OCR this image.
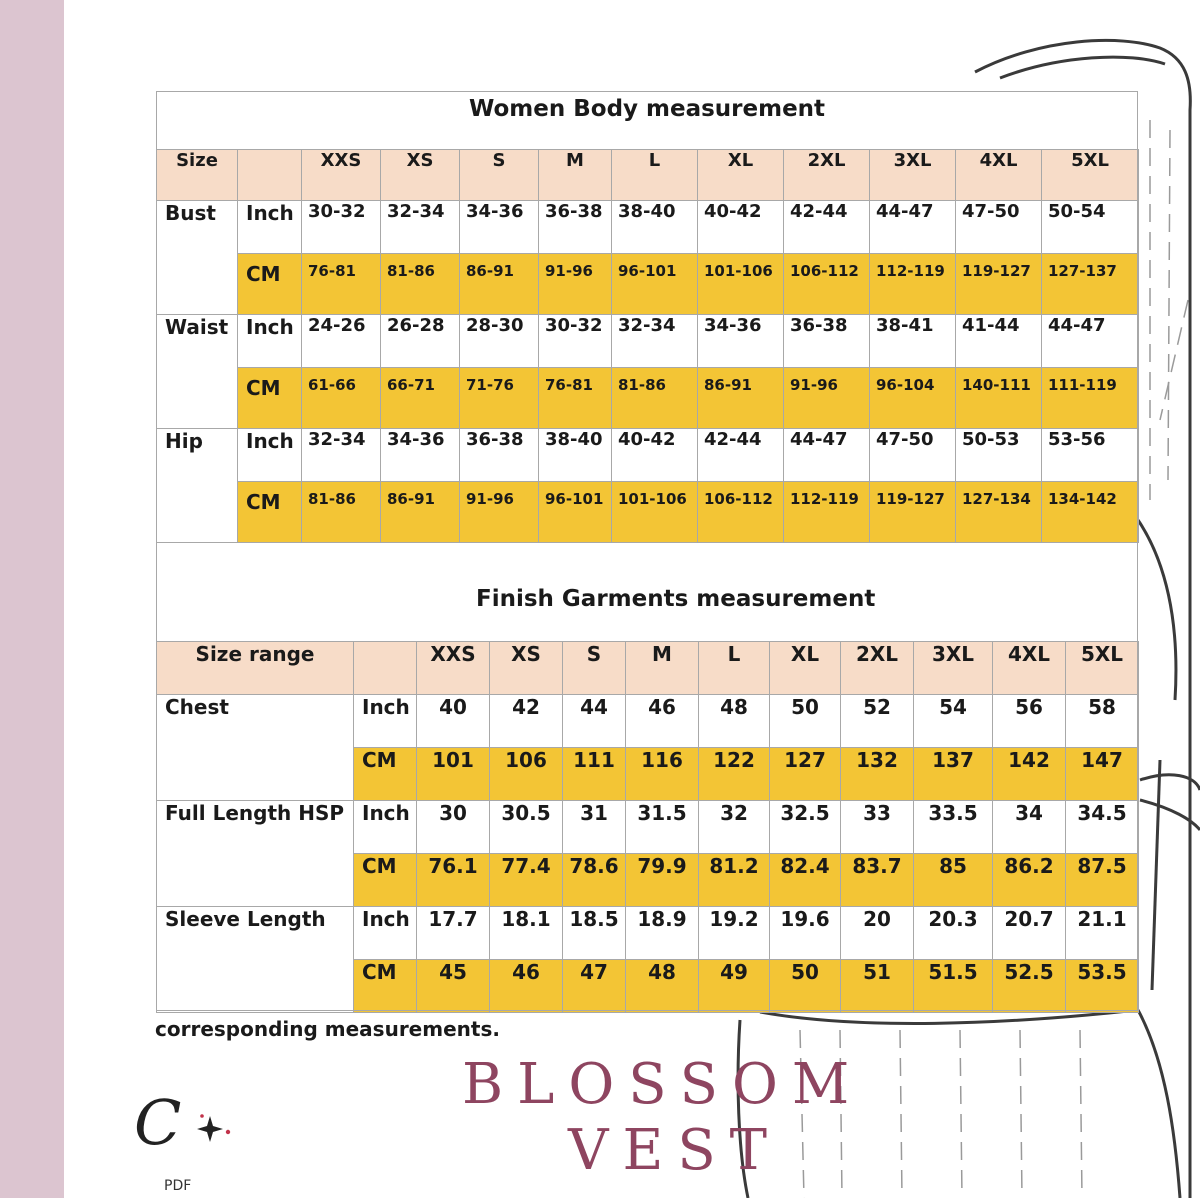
Women Body measurement
Size		XXS	XS	S	M	L	XL	2XL	3XL	4XL	5XL
Bust	Inch	30-32	32-34	34-36	36-38	38-40	40-42	42-44	44-47	47-50	50-54
	CM	76-81	81-86	86-91	91-96	96-101	101-106	106-112	112-119	119-127	127-137
Waist	Inch	24-26	26-28	28-30	30-32	32-34	34-36	36-38	38-41	41-44	44-47
	CM	61-66	66-71	71-76	76-81	81-86	86-91	91-96	96-104	140-111	111-119
Hip	Inch	32-34	34-36	36-38	38-40	40-42	42-44	44-47	47-50	50-53	53-56
	CM	81-86	86-91	91-96	96-101	101-106	106-112	112-119	119-127	127-134	134-142
Finish Garments measurement
Size range		XXS	XS	S	M	L	XL	2XL	3XL	4XL	5XL
Chest	Inch	40	42	44	46	48	50	52	54	56	58
	CM	101	106	111	116	122	127	132	137	142	147
Full Length HSP	Inch	30	30.5	31	31.5	32	32.5	33	33.5	34	34.5
	CM	76.1	77.4	78.6	79.9	81.2	82.4	83.7	85	86.2	87.5
Sleeve Length	Inch	17.7	18.1	18.5	18.9	19.2	19.6	20	20.3	20.7	21.1
	CM	45	46	47	48	49	50	51	51.5	52.5	53.5
corresponding measurements.
BLOSSOM
VEST
C
PDF
